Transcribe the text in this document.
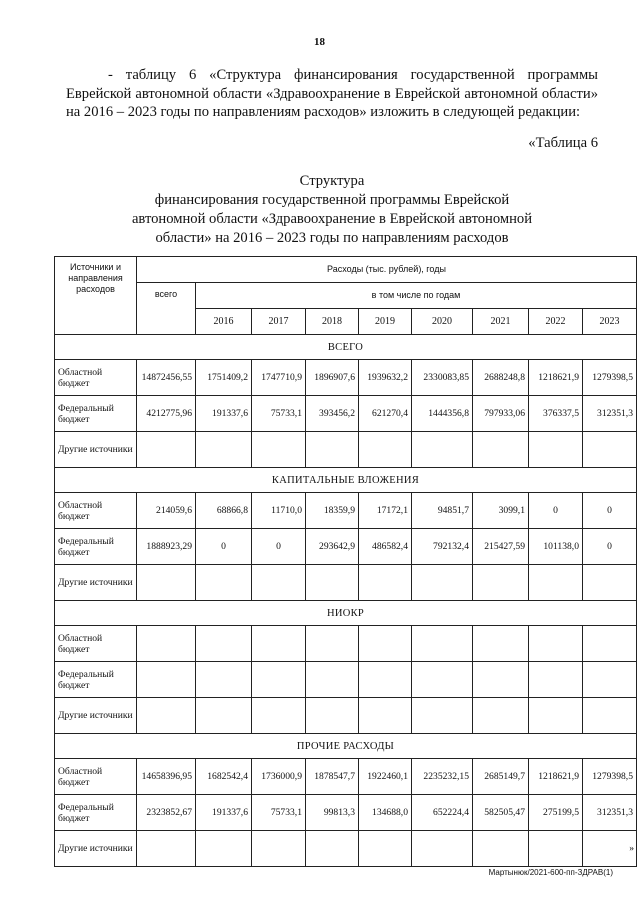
18

- таблицу 6 «Структура финансирования государственной программы Еврейской автономной области «Здравоохранение в Еврейской автономной области» на 2016 – 2023 годы по направлениям расходов» изложить в следующей редакции:

«Таблица 6
Структура
финансирования государственной программы Еврейской
автономной области «Здравоохранение в Еврейской автономной
области» на 2016 – 2023 годы по направлениям расходов
Источники и направления расходов	Расходы (тыс. рублей), годы								
	всего	в том числе по годам							
		2016	2017	2018	2019	2020	2021	2022	2023
ВСЕГО									
Областной бюджет	14872456,55	1751409,2	1747710,9	1896907,6	1939632,2	2330083,85	2688248,8	1218621,9	1279398,5
Федеральный бюджет	4212775,96	191337,6	75733,1	393456,2	621270,4	1444356,8	797933,06	376337,5	312351,3
Другие источники									
КАПИТАЛЬНЫЕ ВЛОЖЕНИЯ									
Областной бюджет	214059,6	68866,8	11710,0	18359,9	17172,1	94851,7	3099,1	0	0
Федеральный бюджет	1888923,29	0	0	293642,9	486582,4	792132,4	215427,59	101138,0	0
Другие источники									
НИОКР									
Областной бюджет									
Федеральный бюджет									
Другие источники									
ПРОЧИЕ РАСХОДЫ									
Областной бюджет	14658396,95	1682542,4	1736000,9	1878547,7	1922460,1	2235232,15	2685149,7	1218621,9	1279398,5
Федеральный бюджет	2323852,67	191337,6	75733,1	99813,3	134688,0	652224,4	582505,47	275199,5	312351,3
Другие источники									»
Мартынюк/2021-600-пп-ЗДРАВ(1)
